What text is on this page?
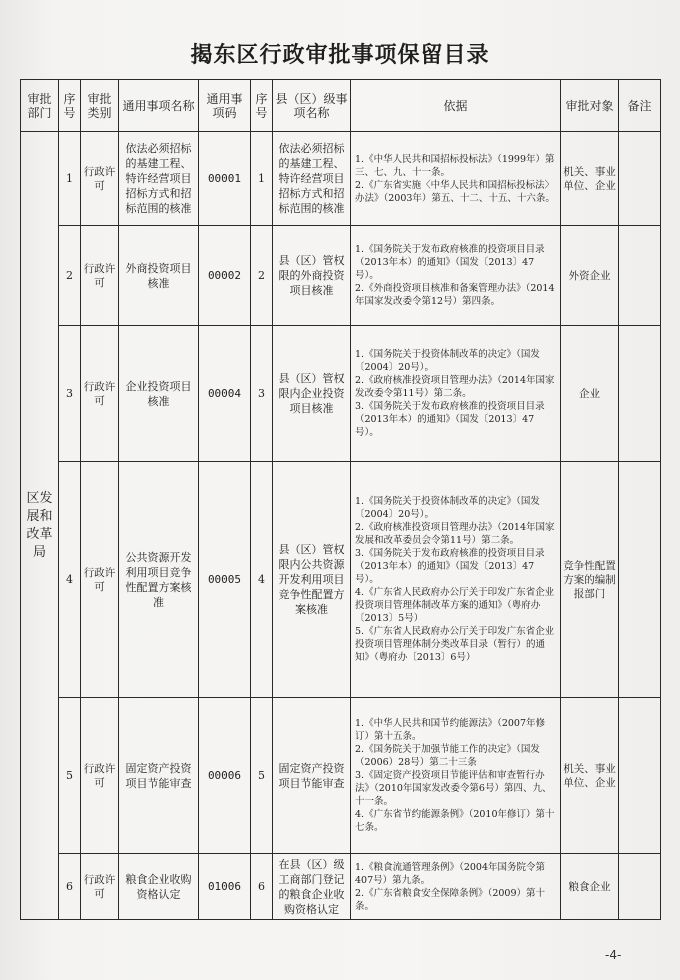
揭东区行政审批事项保留目录
审批部门	序号	审批类别	通用事项名称	通用事项码	序号	县（区）级事项名称	依据	审批对象	备注
区发展和改革局	1	行政许可	依法必须招标的基建工程、特许经营项目招标方式和招标范围的核准	00001	1	依法必须招标的基建工程、特许经营项目招标方式和招标范围的核准	1.《中华人民共和国招标投标法》（1999年）第三、七、九、十一条。
2.《广东省实施〈中华人民共和国招标投标法〉办法》（2003年）第五、十二、十五、十六条。	机关、事业单位、企业	
	2	行政许可	外商投资项目核准	00002	2	县（区）管权限的外商投资项目核准	1.《国务院关于发布政府核准的投资项目目录（2013年本）的通知》（国发〔2013〕47号）。
2.《外商投资项目核准和备案管理办法》（2014年国家发改委令第12号）第四条。	外资企业	
	3	行政许可	企业投资项目核准	00004	3	县（区）管权限内企业投资项目核准	1.《国务院关于投资体制改革的决定》（国发〔2004〕20号）。
2.《政府核准投资项目管理办法》（2014年国家发改委令第11号）第二条。
3.《国务院关于发布政府核准的投资项目目录（2013年本）的通知》（国发〔2013〕47号）。	企业	
	4	行政许可	公共资源开发利用项目竞争性配置方案核准	00005	4	县（区）管权限内公共资源开发利用项目竞争性配置方案核准	1.《国务院关于投资体制改革的决定》（国发〔2004〕20号）。
2.《政府核准投资项目管理办法》（2014年国家发展和改革委员会令第11号）第二条。
3.《国务院关于发布政府核准的投资项目目录（2013年本）的通知》（国发〔2013〕47号）。
4.《广东省人民政府办公厅关于印发广东省企业投资项目管理体制改革方案的通知》（粤府办〔2013〕5号）
5.《广东省人民政府办公厅关于印发广东省企业投资项目管理体制分类改革目录（暂行）的通知》（粤府办〔2013〕6号）	竞争性配置方案的编制报部门	
	5	行政许可	固定资产投资项目节能审查	00006	5	固定资产投资项目节能审查	1.《中华人民共和国节约能源法》（2007年修订）第十五条。
2.《国务院关于加强节能工作的决定》（国发（2006）28号）第二十三条
3.《固定资产投资项目节能评估和审查暂行办法》（2010年国家发改委令第6号）第四、九、十一条。
4.《广东省节约能源条例》（2010年修订）第十七条。	机关、事业单位、企业	
	6	行政许可	粮食企业收购资格认定	01006	6	在县（区）级工商部门登记的粮食企业收购资格认定	1.《粮食流通管理条例》（2004年国务院令第407号）第九条。
2.《广东省粮食安全保障条例》（2009）第十条。	粮食企业	
-4-
